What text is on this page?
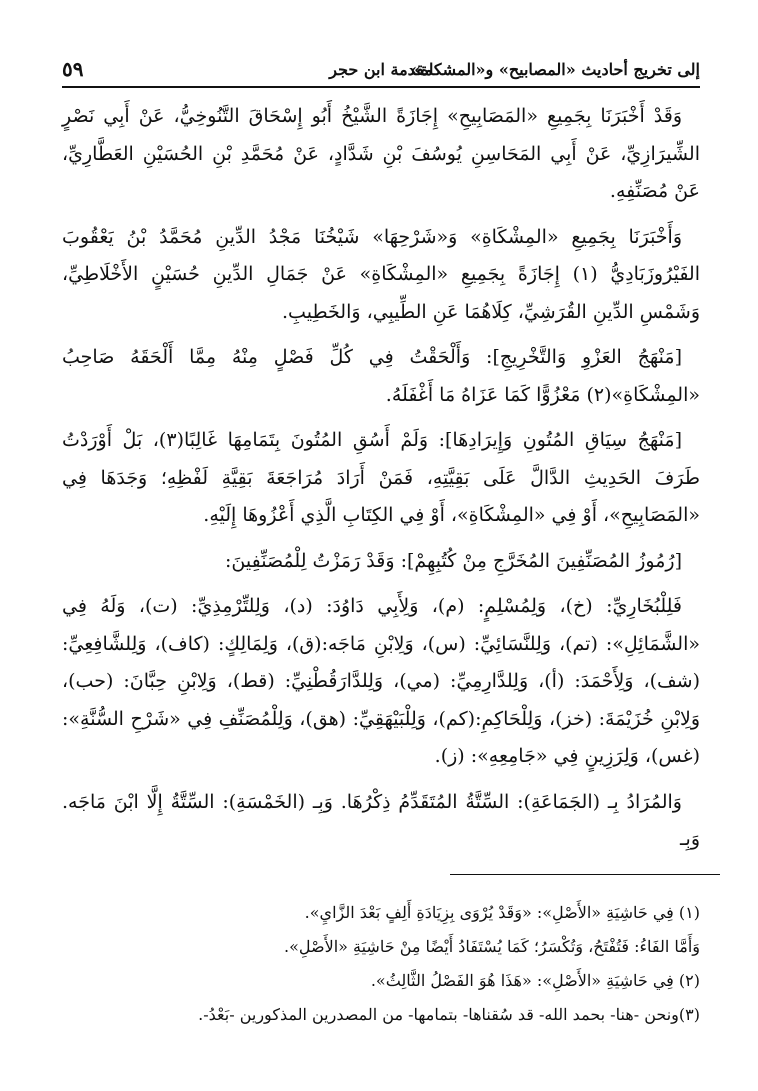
إلى تخريج أحاديث «المصابيح» و«المشكاة»
مقدمة ابن حجر
٥٩

وَقَدْ أَخْبَرَنَا بِجَمِيعِ «المَصَابِيحِ» إِجَازَةً الشَّيْخُ أَبُو إِسْحَاقَ التَّنُوخِيُّ، عَنْ أَبِي نَصْرٍ الشِّيرَازِيِّ، عَنْ أَبِي المَحَاسِنِ يُوسُفَ بْنِ شَدَّادٍ، عَنْ مُحَمَّدِ بْنِ الحُسَيْنِ العَطَّارِيِّ، عَنْ مُصَنِّفِهِ.

وَأَخْبَرَنَا بِجَمِيعِ «المِشْكَاةِ» وَ«شَرْحِهَا» شَيْخُنَا مَجْدُ الدِّينِ مُحَمَّدُ بْنُ يَعْقُوبَ الفَيْرُوزَبَادِيُّ (١) إِجَازَةً بِجَمِيعِ «المِشْكَاةِ» عَنْ جَمَالِ الدِّينِ حُسَيْنٍ الأَخْلَاطِيِّ، وَشَمْسِ الدِّينِ القُرَشِيِّ، كِلَاهُمَا عَنِ الطِّيبِي، وَالخَطِيبِ.

[مَنْهَجُ العَزْوِ وَالتَّخْرِيجِ]: وَأَلْحَقْتُ فِي كُلِّ فَصْلٍ مِنْهُ مِمَّا أَلْحَقَهُ صَاحِبُ «المِشْكَاةِ»(٢) مَعْزُوًّا كَمَا عَزَاهُ مَا أَغْفَلَهُ.

[مَنْهَجُ سِيَاقِ المُتُونِ وَإِيرَادِهَا]: وَلَمْ أَسُقِ المُتُونَ بِتَمَامِهَا غَالِبًا(٣)، بَلْ أَوْرَدْتُ طَرَفَ الحَدِيثِ الدَّالَّ عَلَى بَقِيَّتِهِ، فَمَنْ أَرَادَ مُرَاجَعَةَ بَقِيَّةِ لَفْظِهِ؛ وَجَدَهَا فِي «المَصَابِيحِ»، أَوْ فِي «المِشْكَاةِ»، أَوْ فِي الكِتَابِ الَّذِي أَعْزُوهَا إِلَيْهِ.

[رُمُوزُ المُصَنِّفِينَ المُخَرَّجِ مِنْ كُتُبِهِمْ]: وَقَدْ رَمَزْتُ لِلْمُصَنِّفِينَ:

فَلِلْبُخَارِيِّ: (خ)، وَلِمُسْلِمٍ: (م)، وَلِأَبِي دَاوُدَ: (د)، وَلِلتِّرْمِذِيِّ: (ت)، وَلَهُ فِي «الشَّمَائِلِ»: (تم)، وَلِلنَّسَائِيِّ: (س)، وَلِابْنِ مَاجَه:(ق)، وَلِمَالِكٍ: (كاف)، وَلِلشَّافِعِيِّ: (شف)، وَلِأَحْمَدَ: (أ)، وَلِلدَّارِمِيِّ: (مي)، وَلِلدَّارَقُطْنِيِّ: (قط)، وَلِابْنِ حِبَّانَ: (حب)، وَلِابْنِ خُزَيْمَةَ: (خز)، وَلِلْحَاكِمِ:(كم)، وَلِلْبَيْهَقِيِّ: (هق)، وَلِلْمُصَنِّفِ فِي «شَرْحِ السُّنَّةِ»: (غس)، وَلِرَزِينٍ فِي «جَامِعِهِ»: (ز).

وَالمُرَادُ بِـ (الجَمَاعَةِ): السِّتَّةُ المُتَقَدِّمُ ذِكْرُهَا. وَبِـ (الخَمْسَةِ): السِّتَّةُ إِلَّا ابْنَ مَاجَه. وَبِـ

(١) فِي حَاشِيَةِ «الأَصْلِ»: «وَقَدْ يُرْوَى بِزِيَادَةِ أَلِفٍ بَعْدَ الزَّايِ».
وَأَمَّا الفَاءُ: فَتُفْتَحُ، وَتُكْسَرُ؛ كَمَا يُسْتَفَادُ أَيْضًا مِنْ حَاشِيَةِ «الأَصْلِ».
(٢) فِي حَاشِيَةِ «الأَصْلِ»: «هَذَا هُوَ الفَصْلُ الثَّالِثُ».
(٣)ونحن -هنا- بحمد الله- قد سُقناها- بتمامها- من المصدرين المذكورين -بَعْدُ-.
